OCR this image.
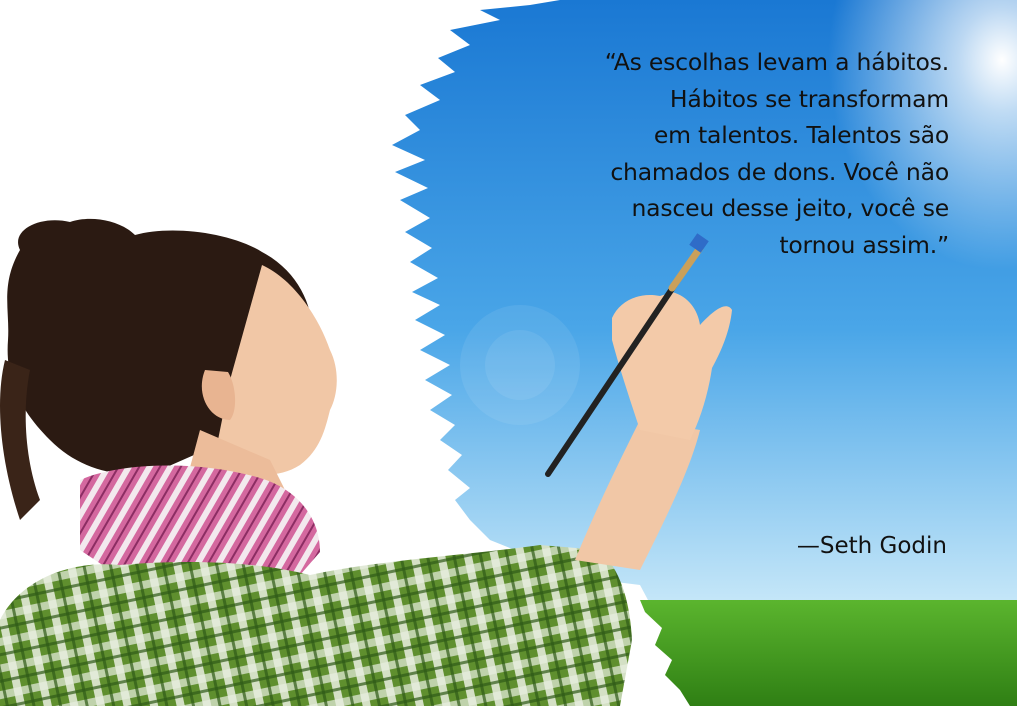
“As escolhas levam a hábitos.
Hábitos se transformam
em talentos. Talentos são
chamados de dons. Você não
nasceu desse jeito, você se
tornou assim.”
—Seth Godin
